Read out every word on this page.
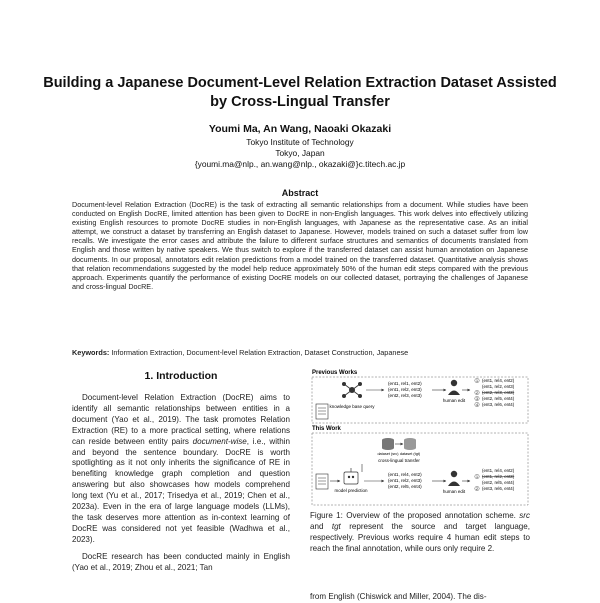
Building a Japanese Document-Level Relation Extraction Dataset Assisted by Cross-Lingual Transfer
Youmi Ma, An Wang, Naoaki Okazaki
Tokyo Institute of Technology
Tokyo, Japan
{youmi.ma@nlp., an.wang@nlp., okazaki@}c.titech.ac.jp
Abstract
Document-level Relation Extraction (DocRE) is the task of extracting all semantic relationships from a document. While studies have been conducted on English DocRE, limited attention has been given to DocRE in non-English languages. This work delves into effectively utilizing existing English resources to promote DocRE studies in non-English languages, with Japanese as the representative case. As an initial attempt, we construct a dataset by transferring an English dataset to Japanese. However, models trained on such a dataset suffer from low recalls. We investigate the error cases and attribute the failure to different surface structures and semantics of documents translated from English and those written by native speakers. We thus switch to explore if the transferred dataset can assist human annotation on Japanese documents. In our proposal, annotators edit relation predictions from a model trained on the transferred dataset. Quantitative analysis shows that relation recommendations suggested by the model help reduce approximately 50% of the human edit steps compared with the previous approach. Experiments quantify the performance of existing DocRE models on our collected dataset, portraying the challenges of Japanese and cross-lingual DocRE.
Keywords: Information Extraction, Document-level Relation Extraction, Dataset Construction, Japanese
1. Introduction

Document-level Relation Extraction (DocRE) aims to identify all semantic relationships between entities in a document (Yao et al., 2019). The task promotes Relation Extraction (RE) to a more practical setting, where relations can reside between entity pairs document-wise, i.e., within and beyond the sentence boundary. DocRE is worth spotlighting as it not only inherits the significance of RE in benefiting knowledge graph completion and question answering but also showcases how models comprehend long text (Yu et al., 2017; Trisedya et al., 2019; Chen et al., 2023a). Even in the era of large language models (LLMs), the task deserves more attention as in-context learning of DocRE was considered not yet feasible (Wadhwa et al., 2023).

DocRE research has been conducted mainly in English (Yao et al., 2019; Zhou et al., 2021; Tan

Previous Works
knowledge base query
(ent1, rel1, ent2)
(ent1, rel2, ent3)
(ent2, rel3, ent3)
human edit
(ent1, rel4, ent2)
(ent1, rel2, ent3)
(ent2, rel3, ent3)
(ent2, rel5, ent4)
(ent3, rel6, ent4)
1
2
3
4
This Work
dataset (src) dataset (tgt)
cross-lingual transfer
model prediction
(ent1, rel4, ent2)
(ent1, rel2, ent3)
(ent2, rel5, ent4)
human edit
(ent1, rel4, ent2)
(ent1, rel2, ent3)
(ent2, rel5, ent4)
(ent3, rel6, ent4)
1
2
Figure 1: Overview of the proposed annotation scheme. src and tgt represent the source and target language, respectively. Previous works require 4 human edit steps to reach the final annotation, while ours only require 2.
from English (Chiswick and Miller, 2004). The dis-
